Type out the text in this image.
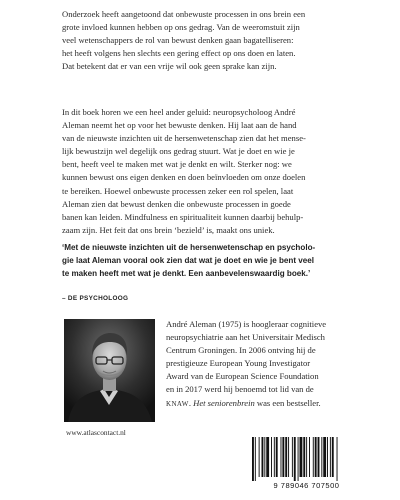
Onderzoek heeft aangetoond dat onbewuste processen in ons brein een
grote invloed kunnen hebben op ons gedrag. Van de weeromstuit zijn
veel wetenschappers de rol van bewust denken gaan bagatelliseren:
het heeft volgens hen slechts een gering effect op ons doen en laten.
Dat betekent dat er van een vrije wil ook geen sprake kan zijn.

In dit boek horen we een heel ander geluid: neuropsycholoog André
Aleman neemt het op voor het bewuste denken. Hij laat aan de hand
van de nieuwste inzichten uit de hersenwetenschap zien dat het mense-
lijk bewustzijn wel degelijk ons gedrag stuurt. Wat je doet en wie je
bent, heeft veel te maken met wat je denkt en wilt. Sterker nog: we
kunnen bewust ons eigen denken en doen beïnvloeden om onze doelen
te bereiken. Hoewel onbewuste processen zeker een rol spelen, laat
Aleman zien dat bewust denken die onbewuste processen in goede
banen kan leiden. Mindfulness en spiritualiteit kunnen daarbij behulp-
zaam zijn. Het feit dat ons brein ‘bezield’ is, maakt ons uniek.

‘Met de nieuwste inzichten uit de hersenwetenschap en psycholo-
gie laat Aleman vooral ook zien dat wat je doet en wie je bent veel
te maken heeft met wat je denkt. Een aanbevelenswaardig boek.’
– DE PSYCHOLOOG
André Aleman (1975) is hoogleraar cognitieve
neuropsychiatrie aan het Universitair Medisch
Centrum Groningen. In 2006 ontving hij de
prestigieuze European Young Investigator
Award van de European Science Foundation
en in 2017 werd hij benoemd tot lid van de
KNAW. Het seniorenbrein was een bestseller.
www.atlascontact.nl
9 789046 707500
